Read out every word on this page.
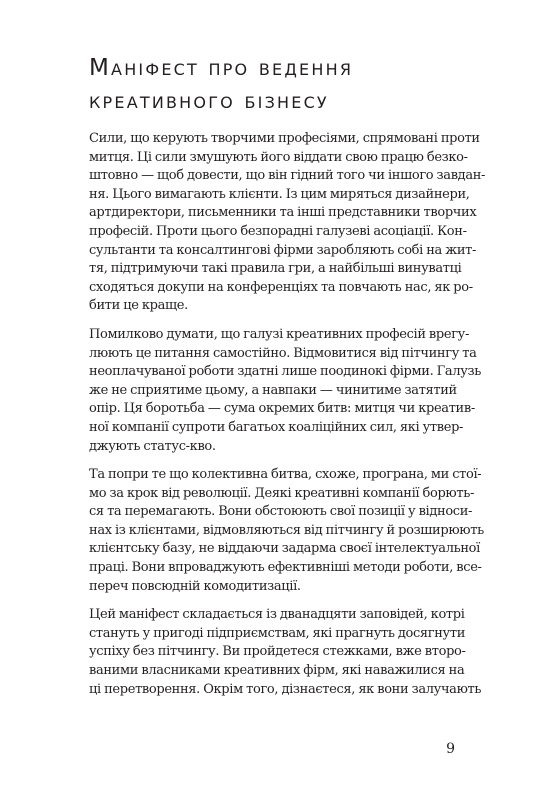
Маніфест про ведення
креативного бізнесу

Сили, що керують творчими професіями, спрямовані проти
митця. Ці сили змушують його віддати свою працю безко-
штовно — щоб довести, що він гідний того чи іншого завдан-
ня. Цього вимагають клієнти. Із цим миряться дизайнери,
артдиректори, письменники та інші представники творчих
професій. Проти цього безпорадні галузеві асоціації. Кон-
сультанти та консалтингові фірми заробляють собі на жит-
тя, підтримуючи такі правила гри, а найбільші винуватці
сходяться докупи на конференціях та повчають нас, як ро-
бити це краще.

Помилково думати, що галузі креативних професій врегу-
люють це питання самостійно. Відмовитися від пітчингу та
неоплачуваної роботи здатні лише поодинокі фірми. Галузь
же не сприятиме цьому, а навпаки — чинитиме затятий
опір. Ця боротьба — сума окремих битв: митця чи креатив-
ної компанії супроти багатьох коаліційних сил, які утвер-
джують статус-кво.

Та попри те що колективна битва, схоже, програна, ми стої-
мо за крок від революції. Деякі креативні компанії борють-
ся та перемагають. Вони обстоюють свої позиції у відноси-
нах із клієнтами, відмовляються від пітчингу й розширюють
клієнтську базу, не віддаючи задарма своєї інтелектуальної
праці. Вони впроваджують ефективніші методи роботи, все-
переч повсюдній комодитизації.

Цей маніфест складається із дванадцяти заповідей, котрі
стануть у пригоді підприємствам, які прагнуть досягнути
успіху без пітчингу. Ви пройдетеся стежками, вже второ-
ваними власниками креативних фірм, які наважилися на
ці перетворення. Окрім того, дізнаєтеся, як вони залучають

9
